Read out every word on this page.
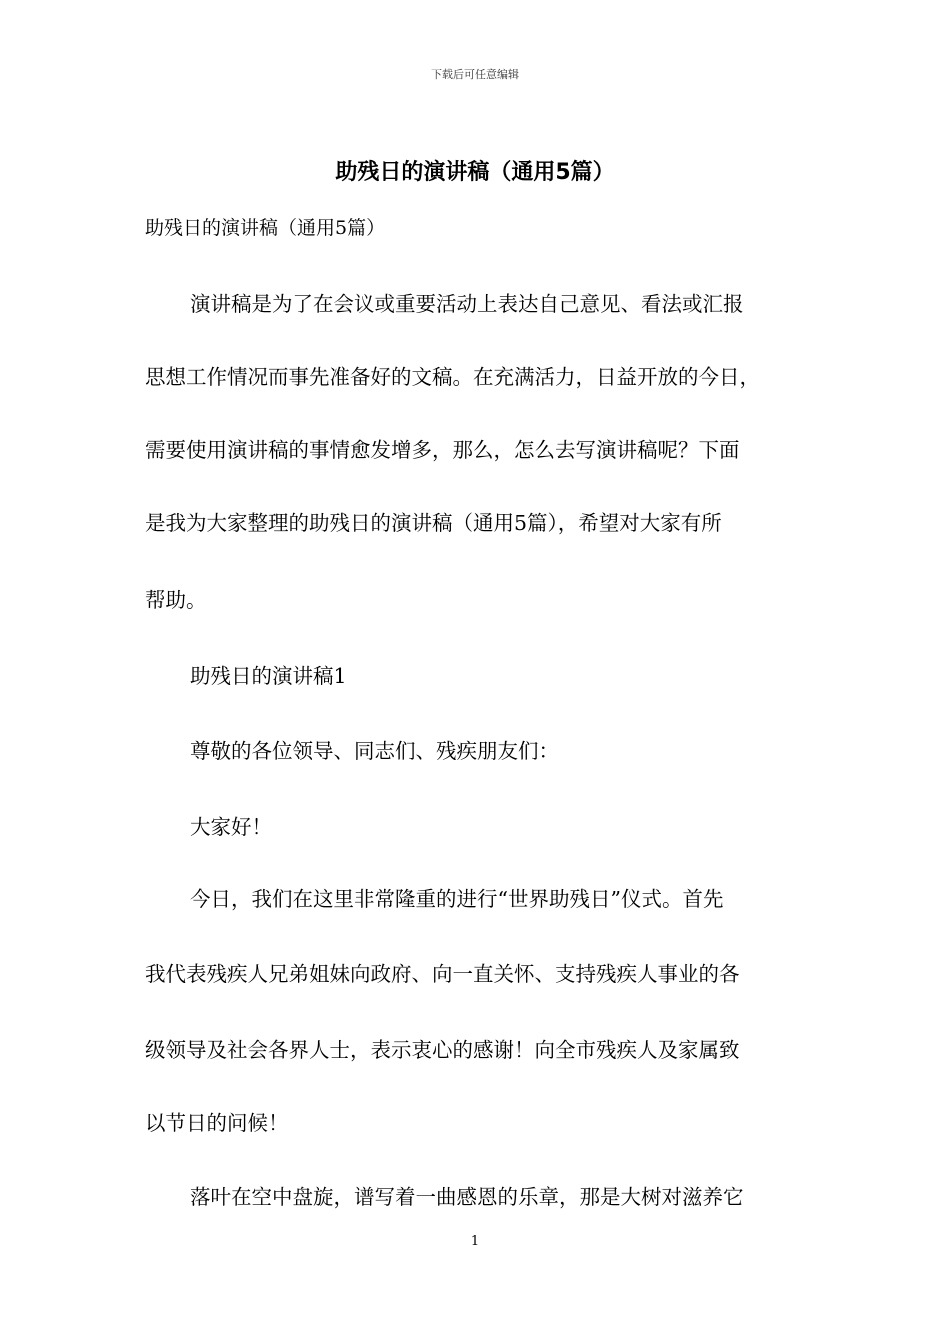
下载后可任意编辑
助残日的演讲稿（通用5篇）
助残日的演讲稿（通用5篇）
演讲稿是为了在会议或重要活动上表达自己意见、看法或汇报
思想工作情况而事先准备好的文稿。在充满活力，日益开放的今日，
需要使用演讲稿的事情愈发增多，那么，怎么去写演讲稿呢？下面
是我为大家整理的助残日的演讲稿（通用5篇），希望对大家有所
帮助。
助残日的演讲稿1
尊敬的各位领导、同志们、残疾朋友们：
大家好！
今日，我们在这里非常隆重的进行“世界助残日”仪式。首先
我代表残疾人兄弟姐妹向政府、向一直关怀、支持残疾人事业的各
级领导及社会各界人士，表示衷心的感谢！向全市残疾人及家属致
以节日的问候！
落叶在空中盘旋，谱写着一曲感恩的乐章，那是大树对滋养它
1
